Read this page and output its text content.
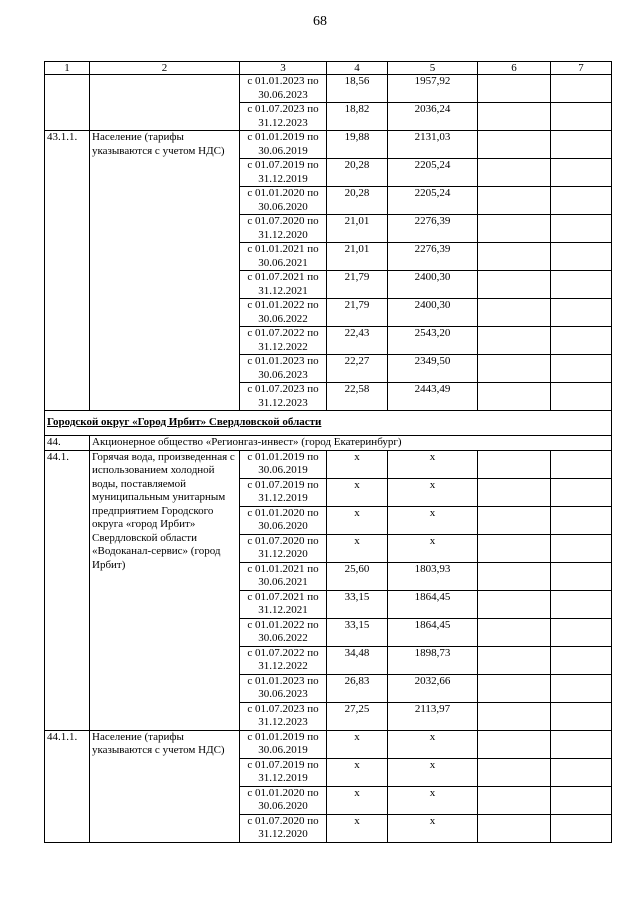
68
1	2	3	4	5	6	7
		с 01.01.2023 по 30.06.2023	18,56	1957,92		
		с 01.07.2023 по 31.12.2023	18,82	2036,24		
43.1.1.	Население (тарифы указываются с учетом НДС)	с 01.01.2019 по 30.06.2019	19,88	2131,03		
		с 01.07.2019 по 31.12.2019	20,28	2205,24		
		с 01.01.2020 по 30.06.2020	20,28	2205,24		
		с 01.07.2020 по 31.12.2020	21,01	2276,39		
		с 01.01.2021 по 30.06.2021	21,01	2276,39		
		с 01.07.2021 по 31.12.2021	21,79	2400,30		
		с 01.01.2022 по 30.06.2022	21,79	2400,30		
		с 01.07.2022 по 31.12.2022	22,43	2543,20		
		с 01.01.2023 по 30.06.2023	22,27	2349,50		
		с 01.07.2023 по 31.12.2023	22,58	2443,49		
Городской округ «Город Ирбит» Свердловской области						
44.	Акционерное общество «Регионгаз-инвест» (город Екатеринбург)					
44.1.	Горячая вода, произведенная с использованием холодной воды, поставляемой муниципальным унитарным предприятием Городского округа «город Ирбит» Свердловской области «Водоканал-сервис» (город Ирбит)	с 01.01.2019 по 30.06.2019	х	х		
		с 01.07.2019 по 31.12.2019	х	х		
		с 01.01.2020 по 30.06.2020	х	х		
		с 01.07.2020 по 31.12.2020	х	х		
		с 01.01.2021 по 30.06.2021	25,60	1803,93		
		с 01.07.2021 по 31.12.2021	33,15	1864,45		
		с 01.01.2022 по 30.06.2022	33,15	1864,45		
		с 01.07.2022 по 31.12.2022	34,48	1898,73		
		с 01.01.2023 по 30.06.2023	26,83	2032,66		
		с 01.07.2023 по 31.12.2023	27,25	2113,97		
44.1.1.	Население (тарифы указываются с учетом НДС)	с 01.01.2019 по 30.06.2019	х	х		
		с 01.07.2019 по 31.12.2019	х	х		
		с 01.01.2020 по 30.06.2020	х	х		
		с 01.07.2020 по 31.12.2020	х	х		
